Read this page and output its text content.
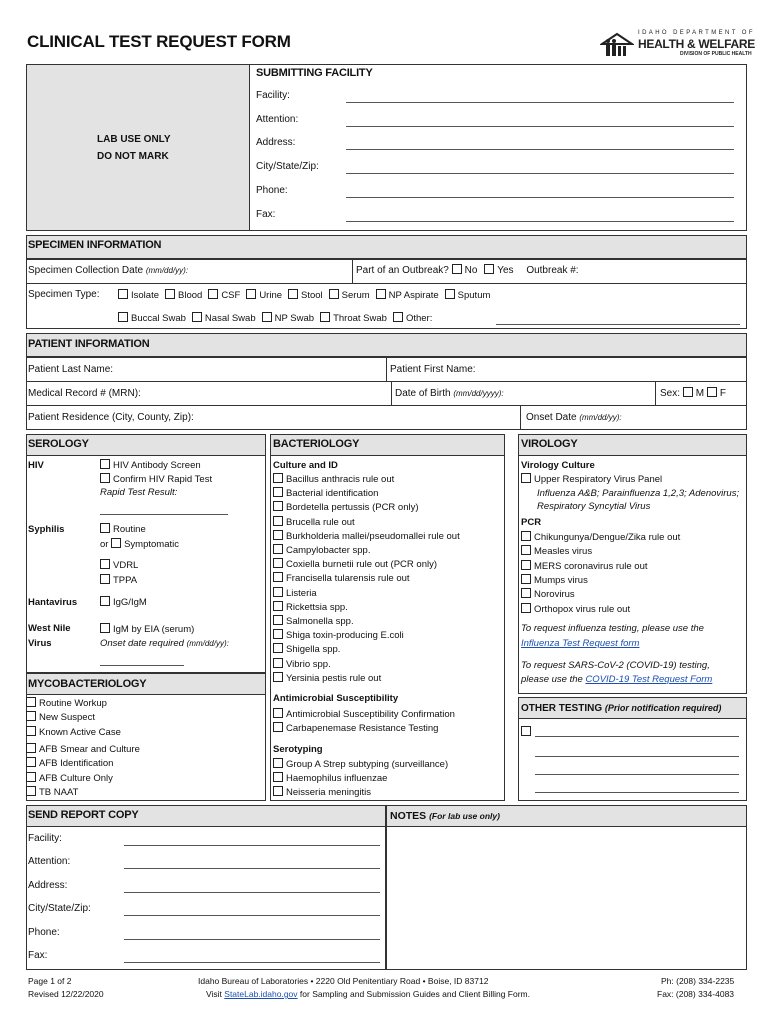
CLINICAL TEST REQUEST FORM	IDAHO DEPARTMENT OF
HEALTH & WELFARE
DIVISION OF PUBLIC HEALTH
LAB USE ONLY
DO NOT MARK
SUBMITTING FACILITY
Facility:
Attention:
Address:
City/State/Zip:
Phone:
Fax:
SPECIMEN INFORMATION
Specimen Collection Date (mm/dd/yy):	Part of an Outbreak? No Yes Outbreak #:
Specimen Type:	Isolate Blood CSF Urine Stool Serum NP Aspirate Sputum
Buccal Swab Nasal Swab NP Swab Throat Swab Other:
PATIENT INFORMATION
Patient Last Name:	Patient First Name:
Medical Record # (MRN):	Date of Birth (mm/dd/yyyy):	Sex: M F
Patient Residence (City, County, Zip):	Onset Date (mm/dd/yy):
SEROLOGY
HIV	HIV Antibody Screen
Confirm HIV Rapid Test
Rapid Test Result:
Syphilis	Routine
or Symptomatic
VDRL
TPPA
Hantavirus	IgG/IgM
West Nile
Virus
IgM by EIA (serum)
Onset date required (mm/dd/yy):
MYCOBACTERIOLOGY
Routine Workup
New Suspect
Known Active Case
AFB Smear and Culture
AFB Identification
AFB Culture Only
TB NAAT
BACTERIOLOGY
Culture and ID
Bacillus anthracis rule out
Bacterial identification
Bordetella pertussis (PCR only)
Brucella rule out
Burkholderia mallei/pseudomallei rule out
Campylobacter spp.
Coxiella burnetii rule out (PCR only)
Francisella tularensis rule out
Listeria
Rickettsia spp.
Salmonella spp.
Shiga toxin-producing E.coli
Shigella spp.
Vibrio spp.
Yersinia pestis rule out
Antimicrobial Susceptibility
Antimicrobial Susceptibility Confirmation
Carbapenemase Resistance Testing
Serotyping
Group A Strep subtyping (surveillance)
Haemophilus influenzae
Neisseria meningitis
VIROLOGY
Virology Culture
Upper Respiratory Virus Panel
Influenza A&B; Parainfluenza 1,2,3; Adenovirus;
Respiratory Syncytial Virus
PCR
Chikungunya/Dengue/Zika rule out
Measles virus
MERS coronavirus rule out
Mumps virus
Norovirus
Orthopox virus rule out
To request influenza testing, please use the
Influenza Test Request form
To request SARS-CoV-2 (COVID-19) testing,
please use the COVID-19 Test Request Form
OTHER TESTING (Prior notification required)
SEND REPORT COPY
Facility:
Attention:
Address:
City/State/Zip:
Phone:
Fax:
NOTES (For lab use only)
Page 1 of 2
Revised 12/22/2020
Idaho Bureau of Laboratories • 2220 Old Penitentiary Road • Boise, ID 83712
Visit StateLab.idaho.gov for Sampling and Submission Guides and Client Billing Form.
Ph: (208) 334-2235
Fax: (208) 334-4083
